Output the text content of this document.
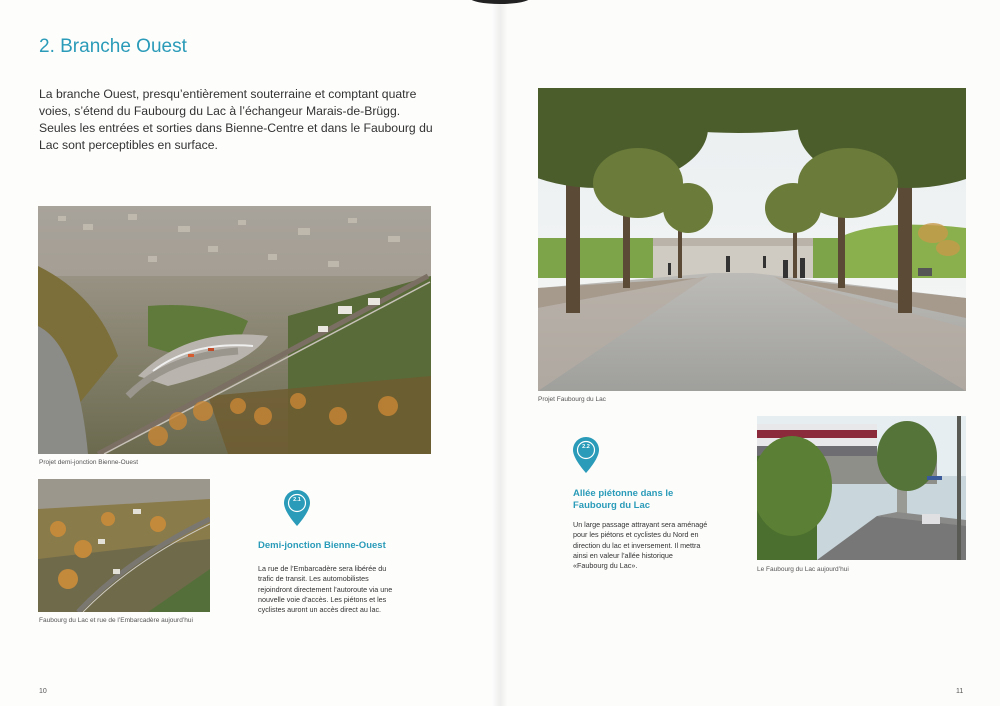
2. Branche Ouest

La branche Ouest, presqu’entièrement souterraine et comptant quatre voies, s’étend du Faubourg du Lac à l’échangeur Marais-de-Brügg. Seules les entrées et sorties dans Bienne-Centre et dans le Faubourg du Lac sont perceptibles en surface.

Projet demi-jonction Bienne-Ouest
Faubourg du Lac et rue de l’Embarcadère aujourd’hui
2.1
Demi-jonction Bienne-Ouest
La rue de l’Embarcadère sera libérée du trafic de transit. Les automobilistes rejoindront directement l’autoroute via une nouvelle voie d’accès. Les piétons et les cyclistes auront un accès direct au lac.
10
Projet Faubourg du Lac
2.2
Allée piétonne dans le Faubourg du Lac
Un large passage attrayant sera aménagé pour les piétons et cyclistes du Nord en direction du lac et inversement. Il mettra ainsi en valeur l’allée historique «Faubourg du Lac».	Le Faubourg du Lac aujourd’hui
11
